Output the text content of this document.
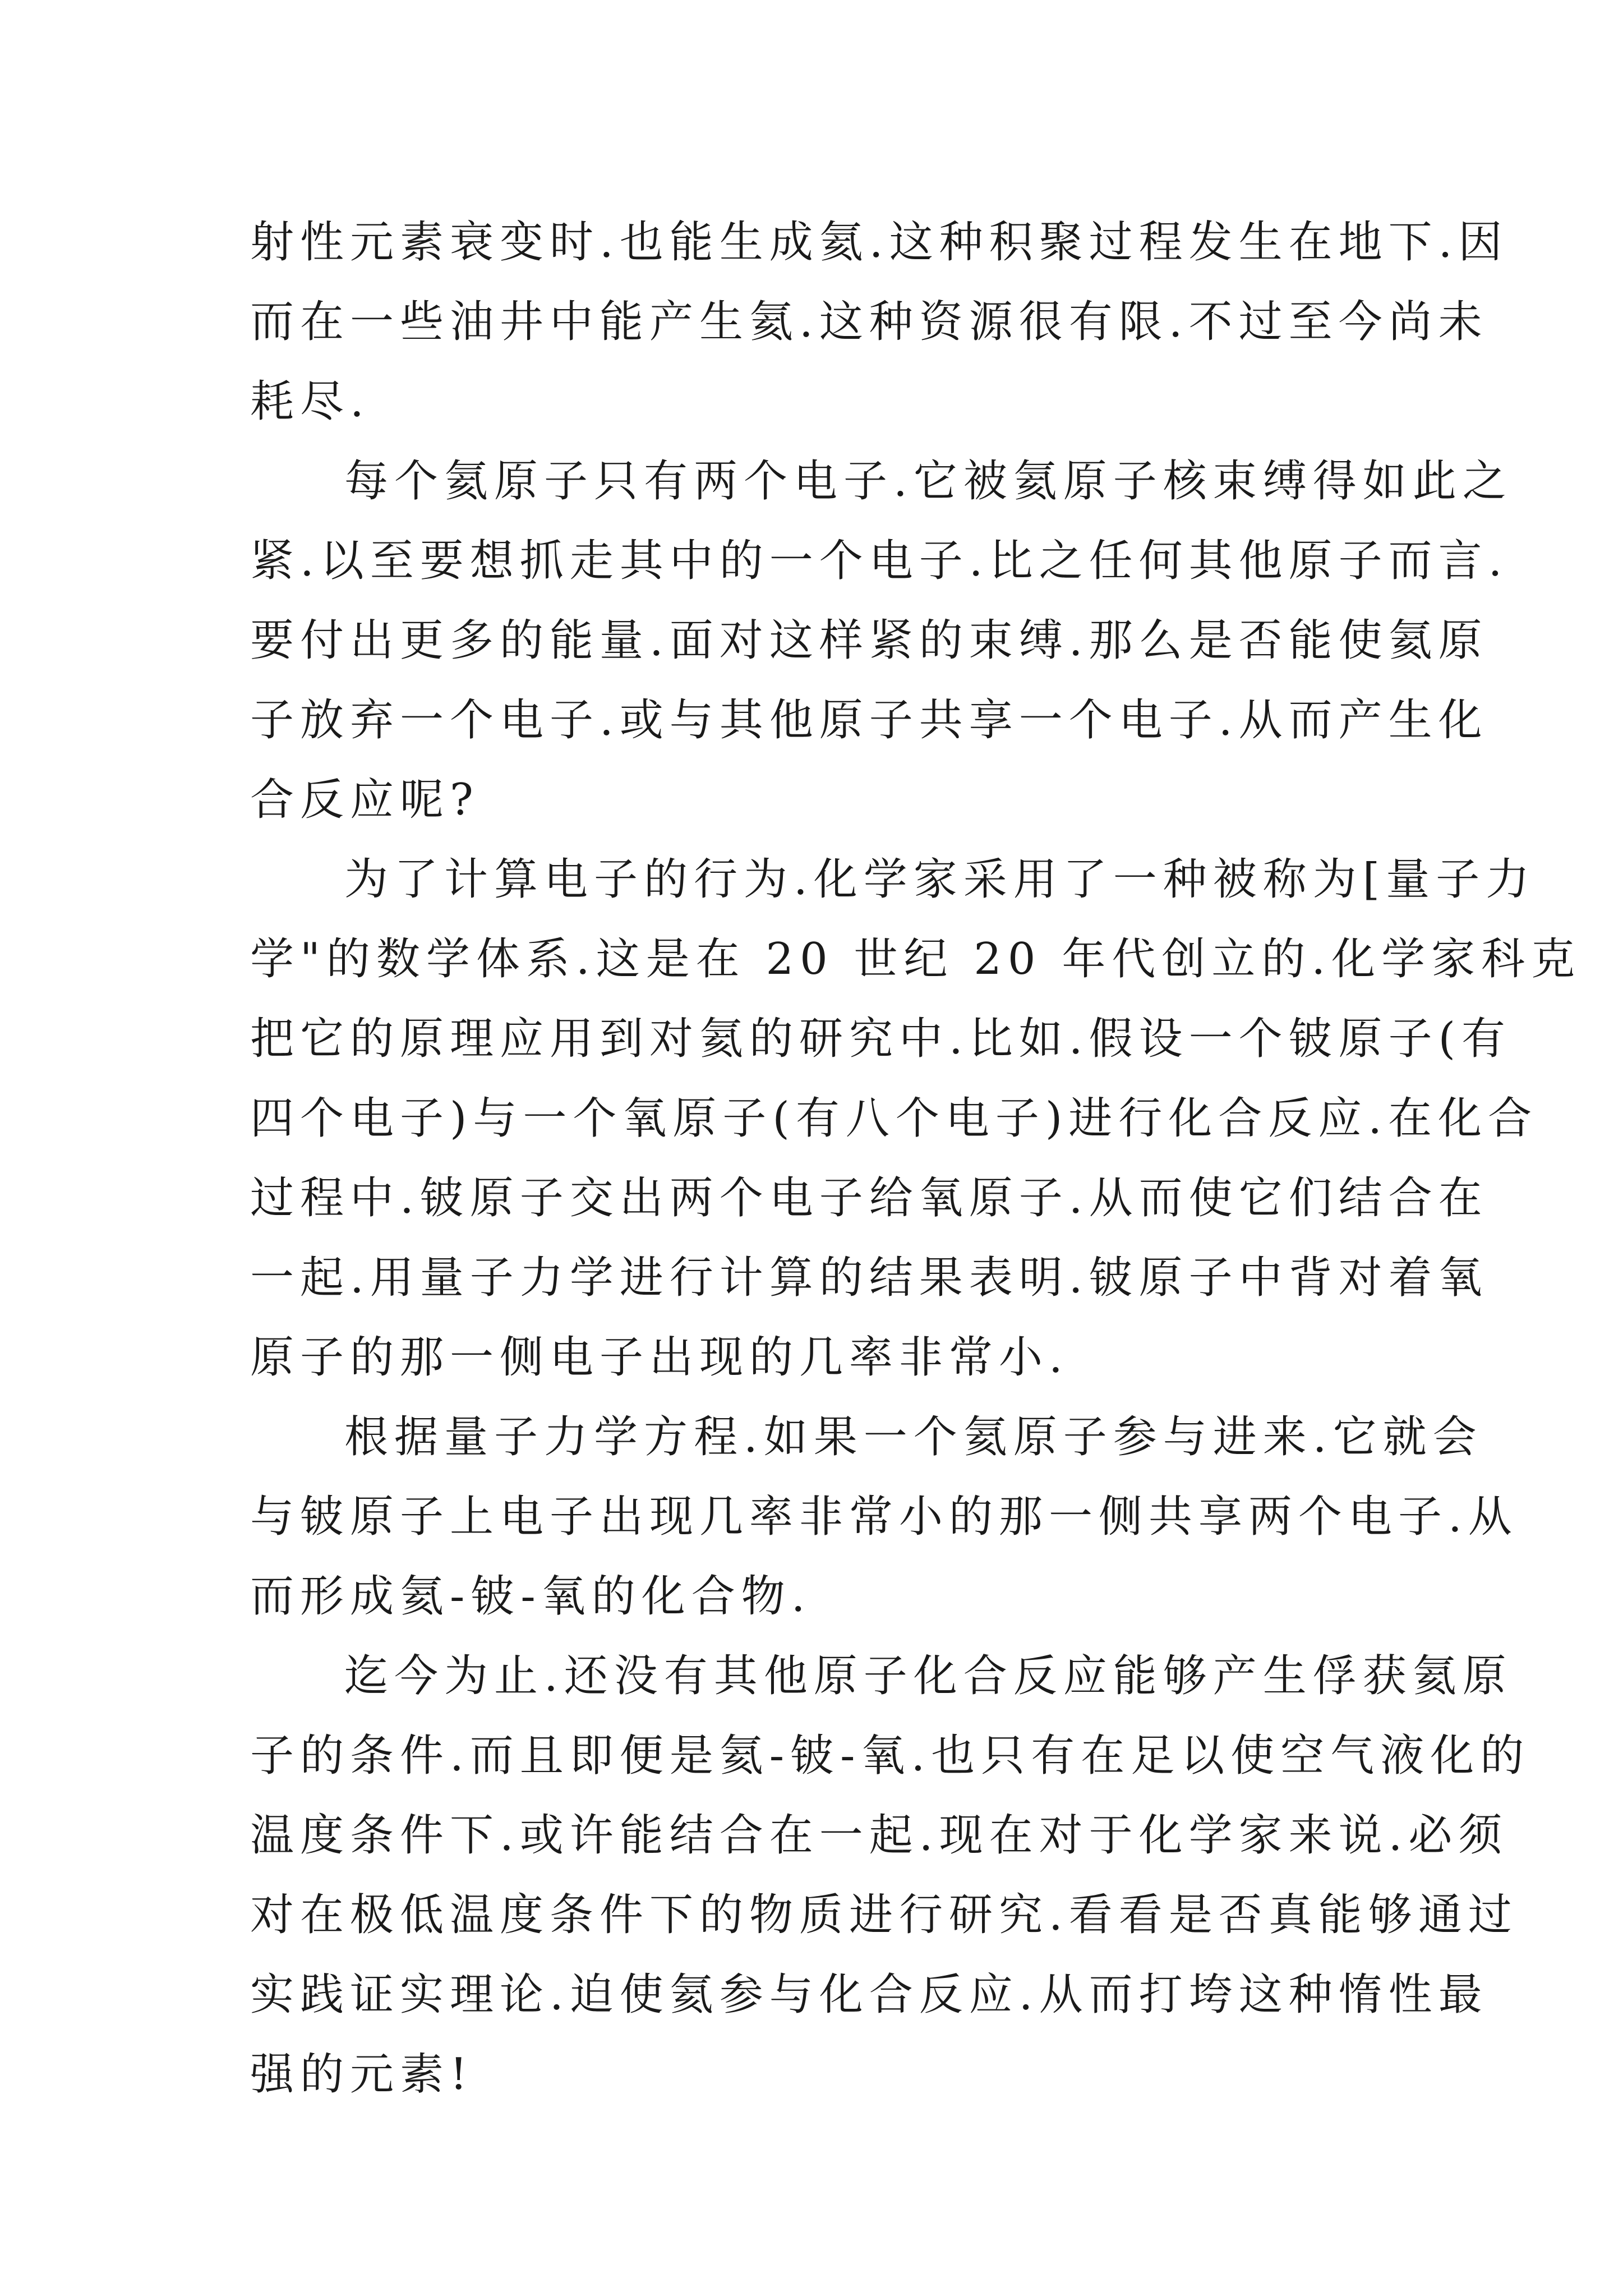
射性元素衰变时.也能生成氦.这种积聚过程发生在地下.因
而在一些油井中能产生氦.这种资源很有限.不过至今尚未
耗尽.
每个氦原子只有两个电子.它被氦原子核束缚得如此之
紧.以至要想抓走其中的一个电子.比之任何其他原子而言.
要付出更多的能量.面对这样紧的束缚.那么是否能使氦原
子放弃一个电子.或与其他原子共享一个电子.从而产生化
合反应呢?
为了计算电子的行为.化学家采用了一种被称为[量子力
学"的数学体系.这是在 20 世纪 20 年代创立的.化学家科克
把它的原理应用到对氦的研究中.比如.假设一个铍原子(有
四个电子)与一个氧原子(有八个电子)进行化合反应.在化合
过程中.铍原子交出两个电子给氧原子.从而使它们结合在
一起.用量子力学进行计算的结果表明.铍原子中背对着氧
原子的那一侧电子出现的几率非常小.
根据量子力学方程.如果一个氦原子参与进来.它就会
与铍原子上电子出现几率非常小的那一侧共享两个电子.从
而形成氦-铍-氧的化合物.
迄今为止.还没有其他原子化合反应能够产生俘获氦原
子的条件.而且即便是氦-铍-氧.也只有在足以使空气液化的
温度条件下.或许能结合在一起.现在对于化学家来说.必须
对在极低温度条件下的物质进行研究.看看是否真能够通过
实践证实理论.迫使氦参与化合反应.从而打垮这种惰性最
强的元素!
